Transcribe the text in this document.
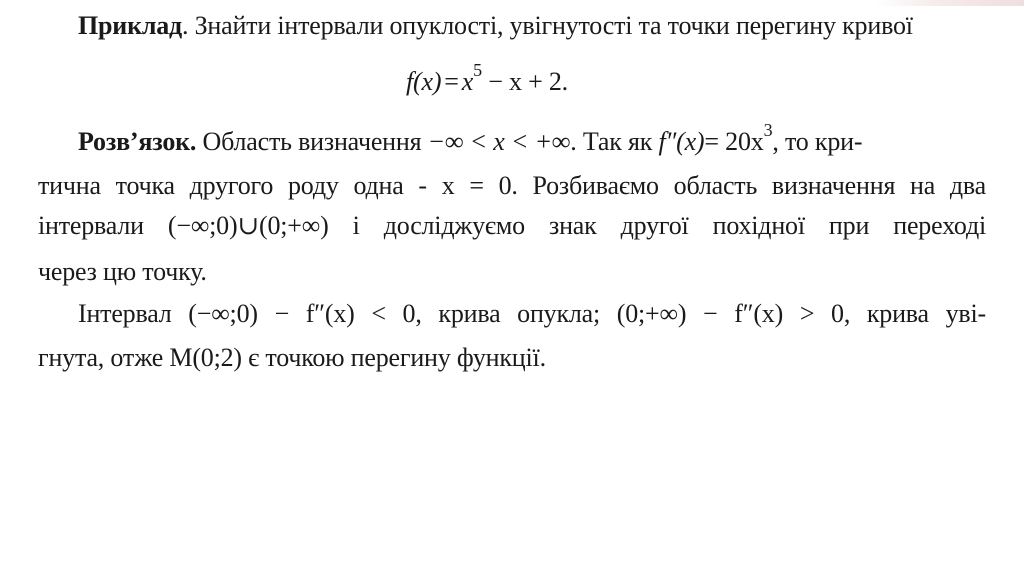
Приклад. Знайти інтервали опуклості, увігнутості та точки перегину кривої
$f(x) = x^5 - x + 2$.
Розв’язок. Область визначення −∞ < x < +∞. Так як $f''(x)= 20x^3$, то кри-
тична точка другого роду одна - x = 0. Розбиваємо область визначення на два
інтервали (−∞;0)∪(0;+∞) і досліджуємо знак другої похідної при переході
через цю точку.
Інтервал (−∞;0) − f″(x) < 0, крива опукла; (0;+∞) − f″(x) > 0, крива уві-
гнута, отже M(0;2) є точкою перегину функції.
